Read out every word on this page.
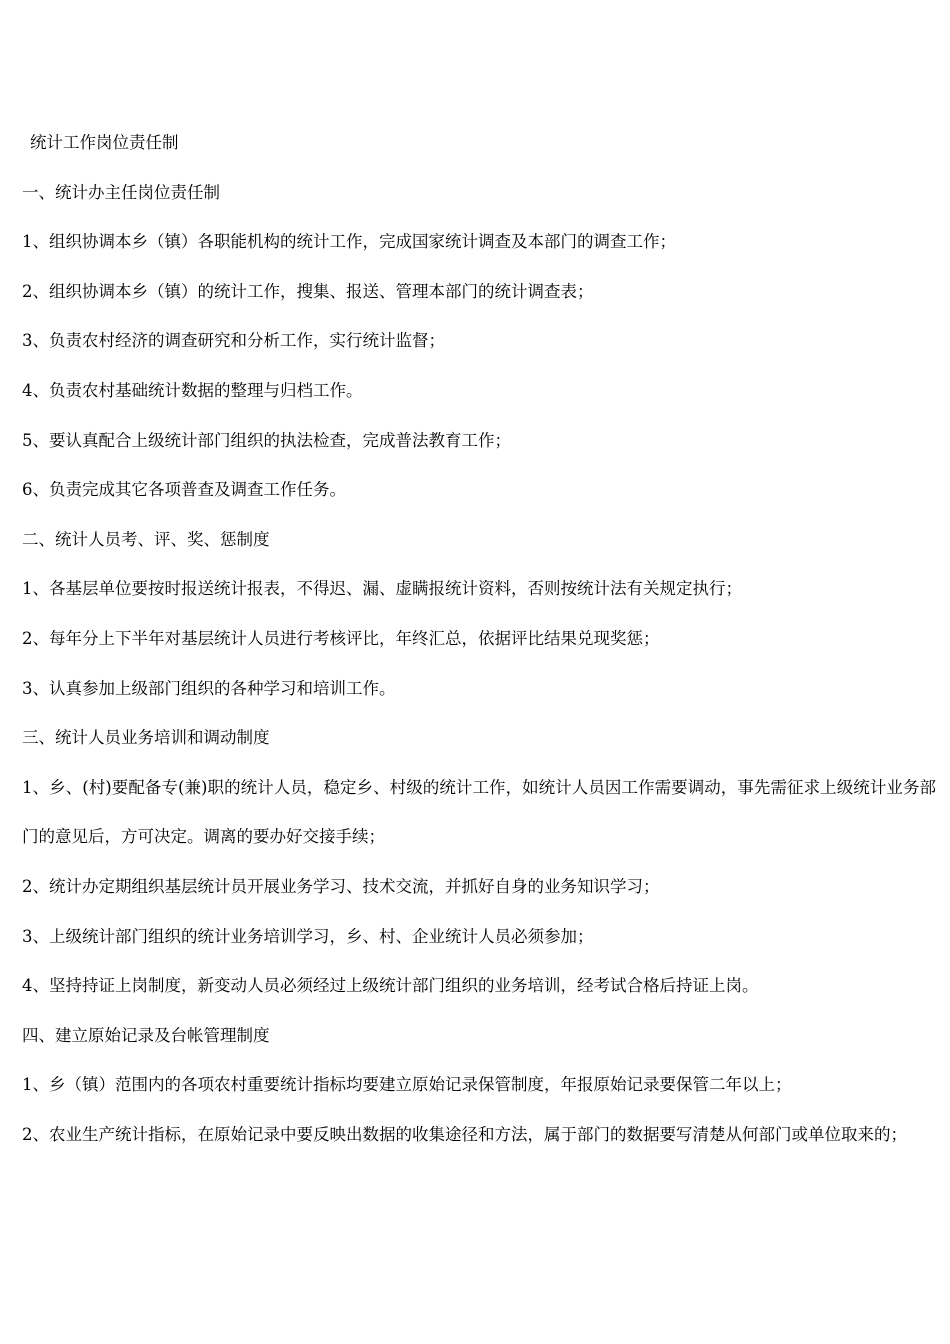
统计工作岗位责任制
一、统计办主任岗位责任制
1、组织协调本乡（镇）各职能机构的统计工作，完成国家统计调查及本部门的调查工作；
2、组织协调本乡（镇）的统计工作，搜集、报送、管理本部门的统计调查表；
3、负责农村经济的调查研究和分析工作，实行统计监督；
4、负责农村基础统计数据的整理与归档工作。
5、要认真配合上级统计部门组织的执法检查，完成普法教育工作；
6、负责完成其它各项普查及调查工作任务。
二、统计人员考、评、奖、惩制度
1、各基层单位要按时报送统计报表，不得迟、漏、虚瞒报统计资料，否则按统计法有关规定执行；
2、每年分上下半年对基层统计人员进行考核评比，年终汇总，依据评比结果兑现奖惩；
3、认真参加上级部门组织的各种学习和培训工作。
三、统计人员业务培训和调动制度
1、乡、(村)要配备专(兼)职的统计人员，稳定乡、村级的统计工作，如统计人员因工作需要调动，事先需征求上级统计业务部门的意见后，方可决定。调离的要办好交接手续；
2、统计办定期组织基层统计员开展业务学习、技术交流，并抓好自身的业务知识学习；
3、上级统计部门组织的统计业务培训学习，乡、村、企业统计人员必须参加；
4、坚持持证上岗制度，新变动人员必须经过上级统计部门组织的业务培训，经考试合格后持证上岗。
四、建立原始记录及台帐管理制度
1、乡（镇）范围内的各项农村重要统计指标均要建立原始记录保管制度，年报原始记录要保管二年以上；
2、农业生产统计指标，在原始记录中要反映出数据的收集途径和方法，属于部门的数据要写清楚从何部门或单位取来的；
